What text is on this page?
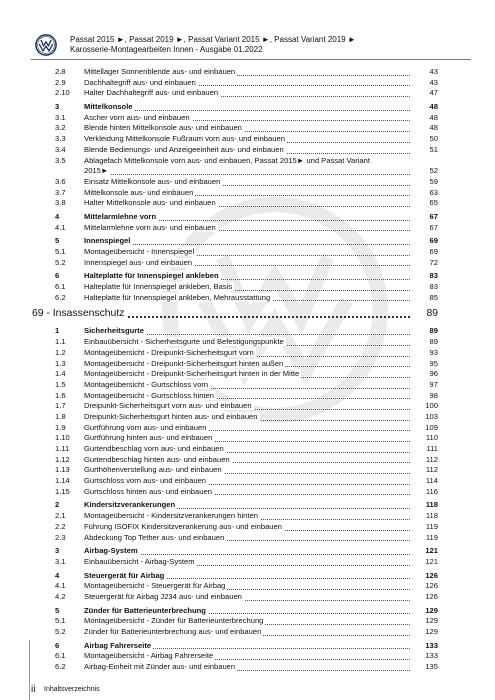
Passat 2015 ►, Passat 2019 ►, Passat Variant 2015 ►, Passat Variant 2019 ►
Karosserie-Montagearbeiten Innen - Ausgabe 01.2022
2.8	Mittellager Sonnenblende aus- und einbauen	43
2.9	Dachhaltegriff aus- und einbauen	43
2.10	Halter Dachhaltegriff aus- und einbauen	47
3	Mittelkonsole	48
3.1	Ascher vorn aus- und einbauen	48
3.2	Blende hinten Mittelkonsole aus- und einbauen	48
3.3	Verkleidung Mittelkonsole Fußraum vorn aus- und einbauen	50
3.4	Blende Bedienungs- und Anzeigeeinheit aus- und einbauen	51
3.5	Ablagefach Mittelkonsole vorn aus- und einbauen, Passat 2015► und Passat Variant
2015►	52
3.6	Einsatz Mittelkonsole aus- und einbauen	59
3.7	Mittelkonsole aus- und einbauen	63
3.8	Halter Mittelkonsole aus- und einbauen	65
4	Mittelarmlehne vorn	67
4.1	Mittelarmlehne vorn aus- und einbauen	67
5	Innenspiegel	69
5.1	Montageübersicht - Innenspiegel	69
5.2	Innenspiegel aus- und einbauen	72
6	Halteplatte für Innenspiegel ankleben	83
6.1	Halteplatte für Innenspiegel ankleben, Basis	83
6.2	Halteplatte für Innenspiegel ankleben, Mehrausstattung	85
69 - Insassenschutz	89
1	Sicherheitsgurte	89
1.1	Einbauübersicht - Sicherheitsgurte und Befestigungspunkte	89
1.2	Montageübersicht - Dreipunkt-Sicherheitsgurt vorn	93
1.3	Montageübersicht - Dreipunkt-Sicherheitsgurt hinten außen	95
1.4	Montageübersicht - Dreipunkt-Sicherheitsgurt hinten in der Mitte	96
1.5	Montageübersicht - Gurtschloss vorn	97
1.6	Montageübersicht - Gurtschloss hinten	98
1.7	Dreipunkt-Sicherheitsgurt vorn aus- und einbauen	100
1.8	Dreipunkt-Sicherheitsgurt hinten aus- und einbauen	103
1.9	Gurtführung vorn aus- und einbauen	109
1.10	Gurtführung hinten aus- und einbauen	110
1.11	Gurtendbeschlag vorn aus- und einbauen	111
1.12	Gurtendbeschlag hinten aus- und einbauen	112
1.13	Gurthöhenverstellung aus- und einbauen	112
1.14	Gurtschloss vorn aus- und einbauen	114
1.15	Gurtschloss hinten aus- und einbauen	116
2	Kindersitzverankerungen	118
2.1	Montageübersicht - Kindersitzverankerungen hinten	118
2.2	Führung ISOFIX Kindersitzverankerung aus- und einbauen	119
2.3	Abdeckung Top Tether aus- und einbauen	119
3	Airbag-System	121
3.1	Einbauübersicht - Airbag-System	121
4	Steuergerät für Airbag	126
4.1	Montageübersicht - Steuergerät für Airbag	126
4.2	Steuergerät für Airbag J234 aus- und einbauen	126
5	Zünder für Batterieunterbrechung	129
5.1	Montageübersicht - Zünder für Batterieunterbrechung	129
5.2	Zünder für Batterieunterbrechung aus- und einbauen	129
6	Airbag Fahrerseite	133
6.1	Montageübersicht - Airbag Fahrerseite	133
6.2	Airbag-Einheit mit Zünder aus- und einbauen	135
ii Inhaltsverzeichnis
